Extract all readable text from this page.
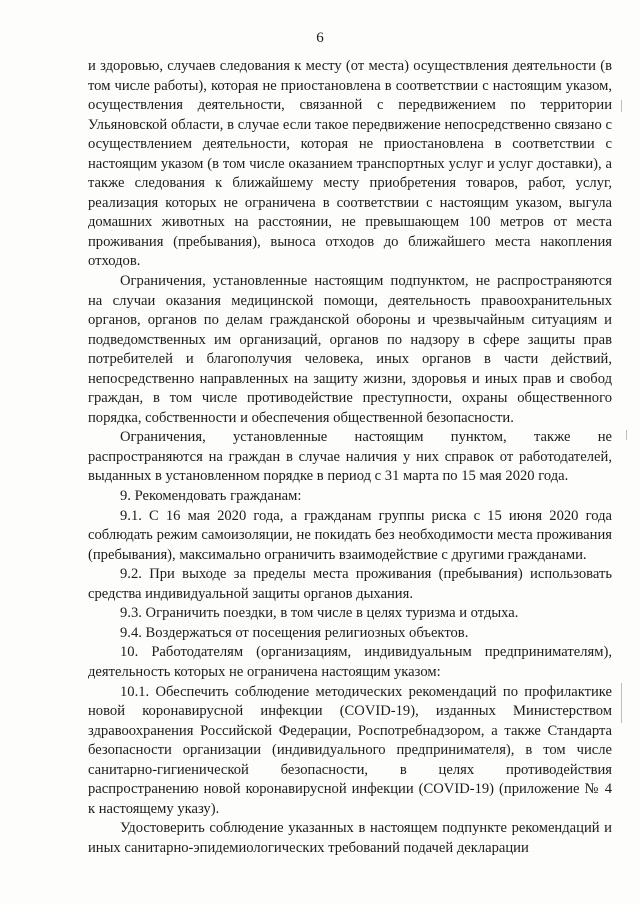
6

и здоровью, случаев следования к месту (от места) осуществления деятельности (в том числе работы), которая не приостановлена в соответствии с настоящим указом, осуществления деятельности, связанной с передвижением по территории Ульяновской области, в случае если такое передвижение непосредственно связано с осуществлением деятельности, которая не приостановлена в соответствии с настоящим указом (в том числе оказанием транспортных услуг и услуг доставки), а также следования к ближайшему месту приобретения товаров, работ, услуг, реализация которых не ограничена в соответствии с настоящим указом, выгула домашних животных на расстоянии, не превышающем 100 метров от места проживания (пребывания), выноса отходов до ближайшего места накопления отходов.

Ограничения, установленные настоящим подпунктом, не распространяются на случаи оказания медицинской помощи, деятельность правоохранительных органов, органов по делам гражданской обороны и чрезвычайным ситуациям и подведомственных им организаций, органов по надзору в сфере защиты прав потребителей и благополучия человека, иных органов в части действий, непосредственно направленных на защиту жизни, здоровья и иных прав и свобод граждан, в том числе противодействие преступности, охраны общественного порядка, собственности и обеспечения общественной безопасности.

Ограничения, установленные настоящим пунктом, также не распространяются на граждан в случае наличия у них справок от работодателей, выданных в установленном порядке в период с 31 марта по 15 мая 2020 года.

9. Рекомендовать гражданам:

9.1. С 16 мая 2020 года, а гражданам группы риска с 15 июня 2020 года соблюдать режим самоизоляции, не покидать без необходимости места проживания (пребывания), максимально ограничить взаимодействие с другими гражданами.

9.2. При выходе за пределы места проживания (пребывания) использовать средства индивидуальной защиты органов дыхания.

9.3. Ограничить поездки, в том числе в целях туризма и отдыха.

9.4. Воздержаться от посещения религиозных объектов.

10. Работодателям (организациям, индивидуальным предпринимателям), деятельность которых не ограничена настоящим указом:

10.1. Обеспечить соблюдение методических рекомендаций по профилактике новой коронавирусной инфекции (COVID-19), изданных Министерством здравоохранения Российской Федерации, Роспотребнадзором, а также Стандарта безопасности организации (индивидуального предпринимателя), в том числе санитарно-гигиенической безопасности, в целях противодействия распространению новой коронавирусной инфекции (COVID-19) (приложение № 4 к настоящему указу).

Удостоверить соблюдение указанных в настоящем подпункте рекомендаций и иных санитарно-эпидемиологических требований подачей декларации
